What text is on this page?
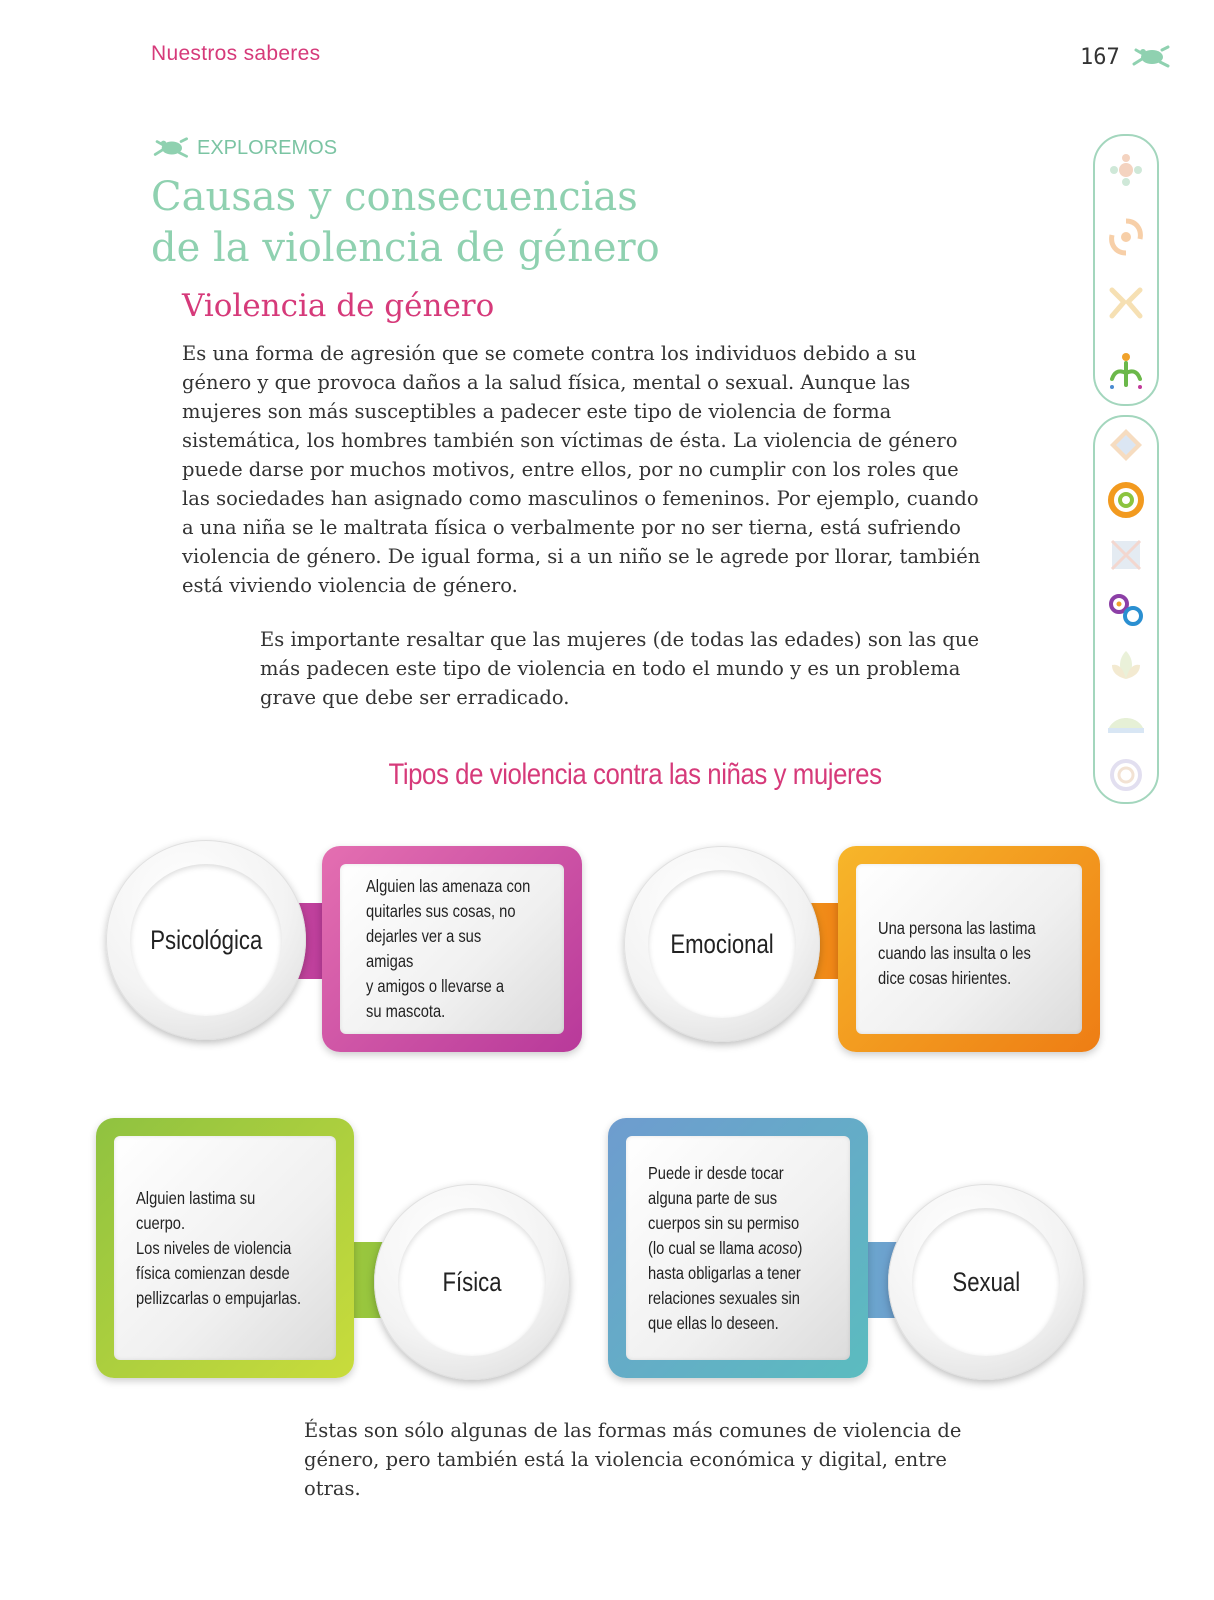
Nuestros saberes	167
EXPLOREMOS
Causas y consecuencias
de la violencia de género
Violencia de género
Es una forma de agresión que se comete contra los individuos debido a su género y que provoca daños a la salud física, mental o sexual. Aunque las mujeres son más susceptibles a padecer este tipo de violencia de forma sistemática, los hombres también son víctimas de ésta. La violencia de género puede darse por muchos motivos, entre ellos, por no cumplir con los roles que las sociedades han asignado como masculinos o femeninos. Por ejemplo, cuando a una niña se le maltrata física o verbalmente por no ser tierna, está sufriendo violencia de género. De igual forma, si a un niño se le agrede por llorar, también está viviendo violencia de género.
Es importante resaltar que las mujeres (de todas las edades) son las que más padecen este tipo de violencia en todo el mundo y es un problema grave que debe ser erradicado.
Tipos de violencia contra las niñas y mujeres
Psicológica
Alguien las amenaza con
quitarles sus cosas, no
dejarles ver a sus amigas
y amigos o llevarse a
su mascota.
Emocional
Una persona las lastima
cuando las insulta o les
dice cosas hirientes.
Alguien lastima su cuerpo.
Los niveles de violencia
física comienzan desde
pellizcarlas o empujarlas.
Física
Puede ir desde tocar
alguna parte de sus
cuerpos sin su permiso
(lo cual se llama acoso)
hasta obligarlas a tener
relaciones sexuales sin
que ellas lo deseen.
Sexual
Éstas son sólo algunas de las formas más comunes de violencia de género, pero también está la violencia económica y digital, entre otras.
